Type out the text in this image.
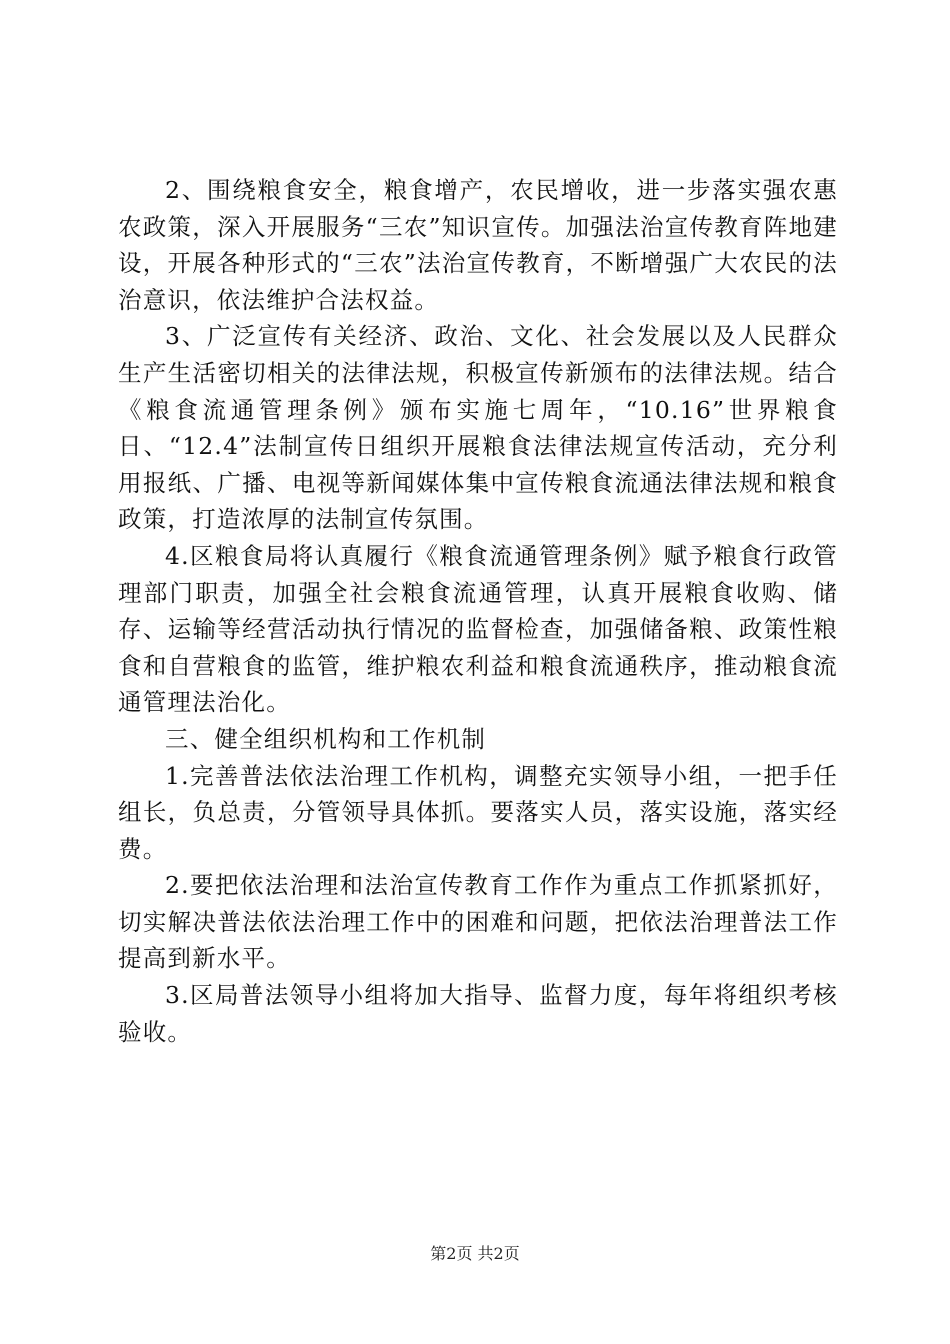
2、围绕粮食安全，粮食增产，农民增收，进一步落实强农惠农政策，深入开展服务“三农”知识宣传。加强法治宣传教育阵地建设，开展各种形式的“三农”法治宣传教育，不断增强广大农民的法治意识，依法维护合法权益。

3、广泛宣传有关经济、政治、文化、社会发展以及人民群众生产生活密切相关的法律法规，积极宣传新颁布的法律法规。结合《粮食流通管理条例》颁布实施七周年，“10.16”世界粮食日、“12.4”法制宣传日组织开展粮食法律法规宣传活动，充分利用报纸、广播、电视等新闻媒体集中宣传粮食流通法律法规和粮食政策，打造浓厚的法制宣传氛围。

4.区粮食局将认真履行《粮食流通管理条例》赋予粮食行政管理部门职责，加强全社会粮食流通管理，认真开展粮食收购、储存、运输等经营活动执行情况的监督检查，加强储备粮、政策性粮食和自营粮食的监管，维护粮农利益和粮食流通秩序，推动粮食流通管理法治化。

三、健全组织机构和工作机制

1.完善普法依法治理工作机构，调整充实领导小组，一把手任组长，负总责，分管领导具体抓。要落实人员，落实设施，落实经费。

2.要把依法治理和法治宣传教育工作作为重点工作抓紧抓好，切实解决普法依法治理工作中的困难和问题，把依法治理普法工作提高到新水平。

3.区局普法领导小组将加大指导、监督力度，每年将组织考核验收。

第2页 共2页
